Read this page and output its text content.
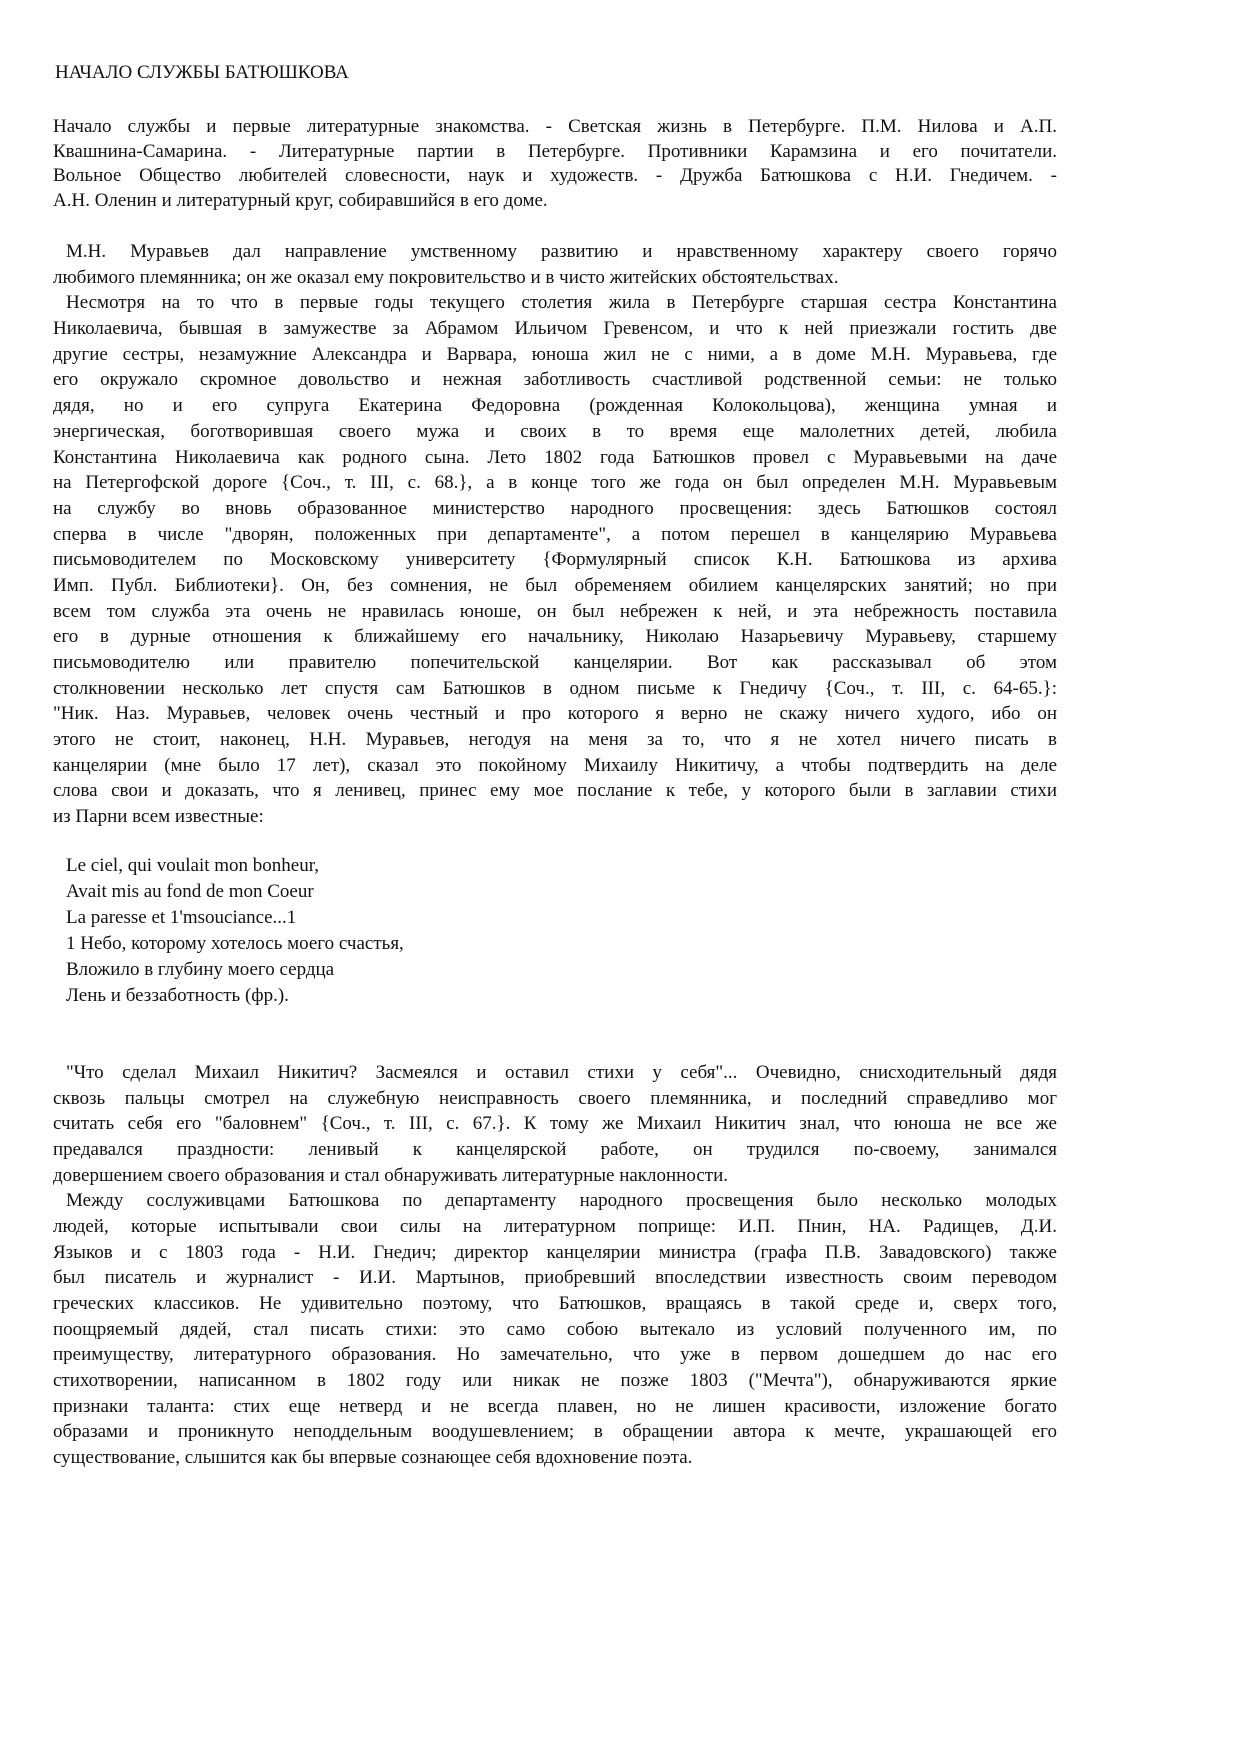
НАЧАЛО СЛУЖБЫ БАТЮШКОВА
Начало службы и первые литературные знакомства. - Светская жизнь в Петербурге. П.М. Нилова и А.П.
Квашнина-Самарина. - Литературные партии в Петербурге. Противники Карамзина и его почитатели.
Вольное Общество любителей словесности, наук и художеств. - Дружба Батюшкова с Н.И. Гнедичем. -
А.Н. Оленин и литературный круг, собиравшийся в его доме.
М.Н. Муравьев дал направление умственному развитию и нравственному характеру своего горячо
любимого племянника; он же оказал ему покровительство и в чисто житейских обстоятельствах.
Несмотря на то что в первые годы текущего столетия жила в Петербурге старшая сестра Константина
Николаевича, бывшая в замужестве за Абрамом Ильичом Гревенсом, и что к ней приезжали гостить две
другие сестры, незамужние Александра и Варвара, юноша жил не с ними, а в доме М.Н. Муравьева, где
его окружало скромное довольство и нежная заботливость счастливой родственной семьи: не только
дядя, но и его супруга Екатерина Федоровна (рожденная Колокольцова), женщина умная и
энергическая, боготворившая своего мужа и своих в то время еще малолетних детей, любила
Константина Николаевича как родного сына. Лето 1802 года Батюшков провел с Муравьевыми на даче
на Петергофской дороге {Соч., т. III, с. 68.}, а в конце того же года он был определен М.Н. Муравьевым
на службу во вновь образованное министерство народного просвещения: здесь Батюшков состоял
сперва в числе "дворян, положенных при департаменте", а потом перешел в канцелярию Муравьева
письмоводителем по Московскому университету {Формулярный список К.Н. Батюшкова из архива
Имп. Публ. Библиотеки}. Он, без сомнения, не был обременяем обилием канцелярских занятий; но при
всем том служба эта очень не нравилась юноше, он был небрежен к ней, и эта небрежность поставила
его в дурные отношения к ближайшему его начальнику, Николаю Назарьевичу Муравьеву, старшему
письмоводителю или правителю попечительской канцелярии. Вот как рассказывал об этом
столкновении несколько лет спустя сам Батюшков в одном письме к Гнедичу {Соч., т. III, с. 64-65.}:
"Ник. Наз. Муравьев, человек очень честный и про которого я верно не скажу ничего худого, ибо он
этого не стоит, наконец, Н.Н. Муравьев, негодуя на меня за то, что я не хотел ничего писать в
канцелярии (мне было 17 лет), сказал это покойному Михаилу Никитичу, а чтобы подтвердить на деле
слова свои и доказать, что я ленивец, принес ему мое послание к тебе, у которого были в заглавии стихи
из Парни всем известные:
Le ciel, qui voulait mon bonheur,
Avait mis au fond de mon Coeur
La paresse et 1'msouciance...1
1 Небо, которому хотелось моего счастья,
Вложило в глубину моего сердца
Лень и беззаботность (фр.).
"Что сделал Михаил Никитич? Засмеялся и оставил стихи у себя"... Очевидно, снисходительный дядя
сквозь пальцы смотрел на служебную неисправность своего племянника, и последний справедливо мог
считать себя его "баловнем" {Соч., т. III, с. 67.}. К тому же Михаил Никитич знал, что юноша не все же
предавался праздности: ленивый к канцелярской работе, он трудился по-своему, занимался
довершением своего образования и стал обнаруживать литературные наклонности.
Между сослуживцами Батюшкова по департаменту народного просвещения было несколько молодых
людей, которые испытывали свои силы на литературном поприще: И.П. Пнин, НА. Радищев, Д.И.
Языков и с 1803 года - Н.И. Гнедич; директор канцелярии министра (графа П.В. Завадовского) также
был писатель и журналист - И.И. Мартынов, приобревший впоследствии известность своим переводом
греческих классиков. Не удивительно поэтому, что Батюшков, вращаясь в такой среде и, сверх того,
поощряемый дядей, стал писать стихи: это само собою вытекало из условий полученного им, по
преимуществу, литературного образования. Но замечательно, что уже в первом дошедшем до нас его
стихотворении, написанном в 1802 году или никак не позже 1803 ("Мечта"), обнаруживаются яркие
признаки таланта: стих еще нетверд и не всегда плавен, но не лишен красивости, изложение богато
образами и проникнуто неподдельным воодушевлением; в обращении автора к мечте, украшающей его
существование, слышится как бы впервые сознающее себя вдохновение поэта.
